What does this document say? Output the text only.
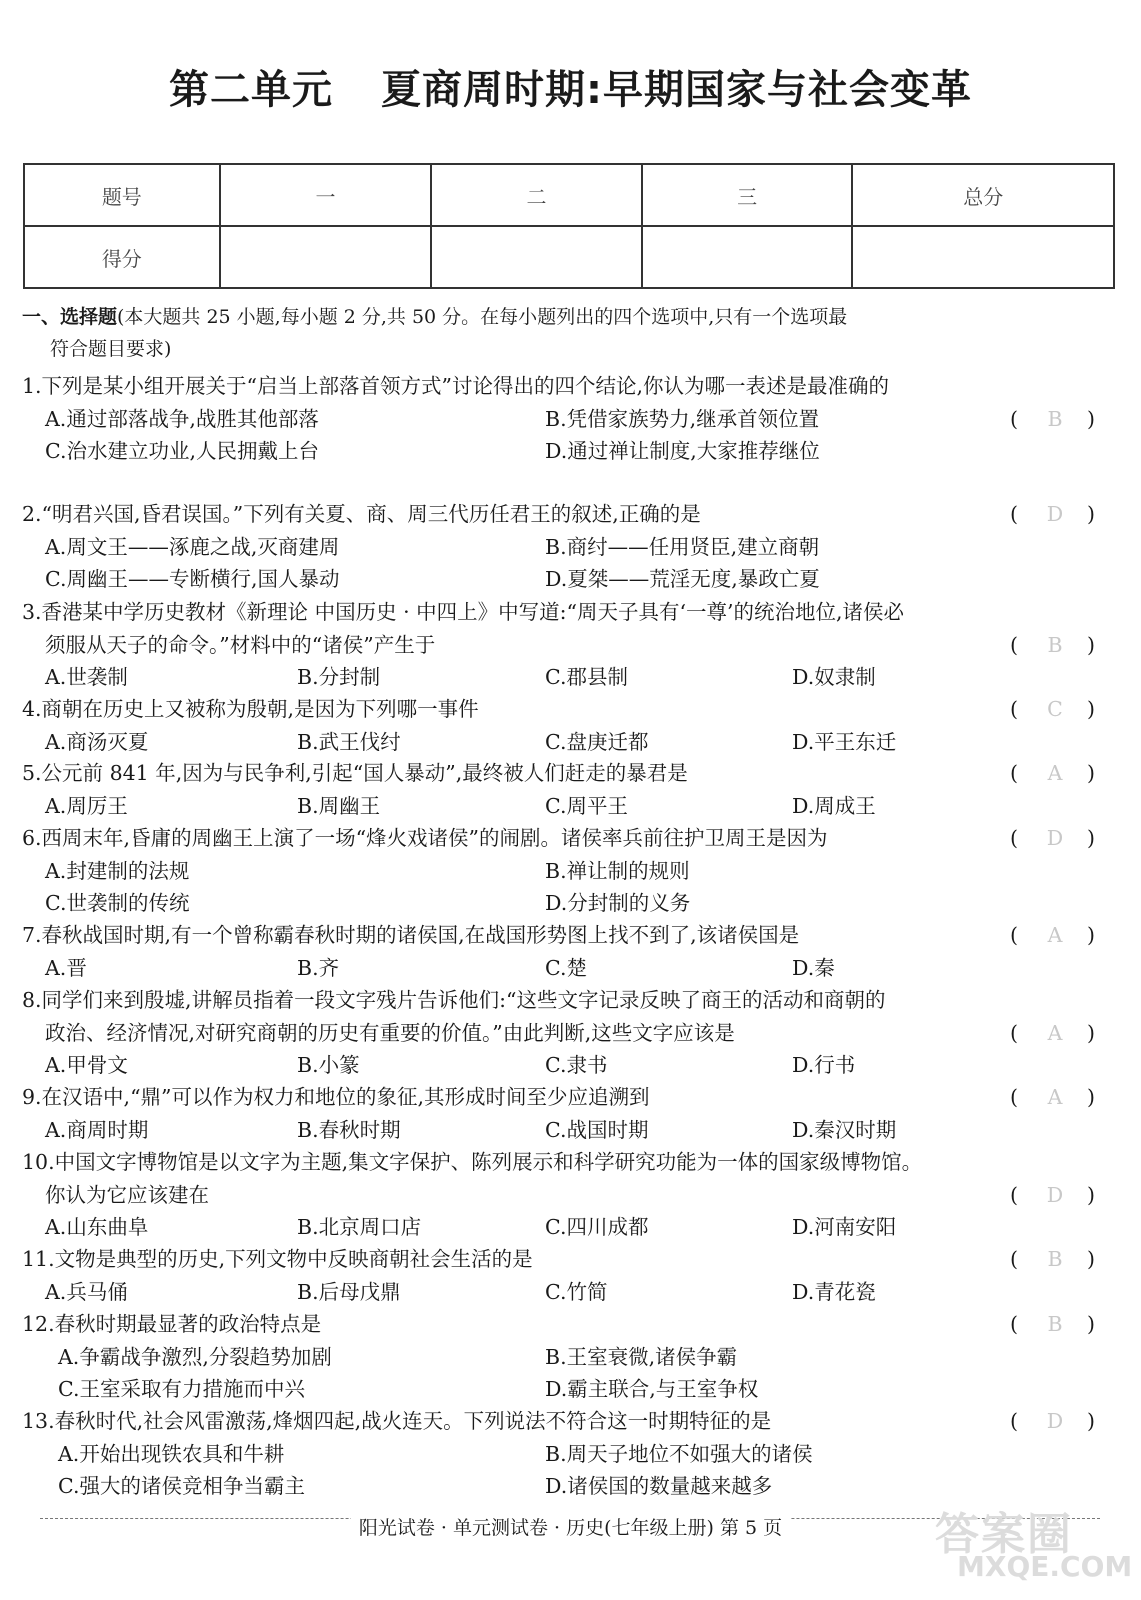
第二单元 夏商周时期:早期国家与社会变革
题号	一	二	三	总分
得分				
一、选择题(本大题共 25 小题,每小题 2 分,共 50 分。在每小题列出的四个选项中,只有一个选项最
符合题目要求)
1.下列是某小组开展关于“启当上部落首领方式”讨论得出的四个结论,你认为哪一表述是最准确的
(	B	)
A.通过部落战争,战胜其他部落	B.凭借家族势力,继承首领位置
C.治水建立功业,人民拥戴上台	D.通过禅让制度,大家推荐继位
2.“明君兴国,昏君误国。”下列有关夏、商、周三代历任君王的叙述,正确的是	(	D	)
A.周文王——涿鹿之战,灭商建周	B.商纣——任用贤臣,建立商朝
C.周幽王——专断横行,国人暴动	D.夏桀——荒淫无度,暴政亡夏
3.香港某中学历史教材《新理论 中国历史 · 中四上》中写道:“周天子具有‘一尊’的统治地位,诸侯必
须服从天子的命令。”材料中的“诸侯”产生于	(	B	)
A.世袭制	B.分封制	C.郡县制	D.奴隶制
4.商朝在历史上又被称为殷朝,是因为下列哪一事件	(	C	)
A.商汤灭夏	B.武王伐纣	C.盘庚迁都	D.平王东迁
5.公元前 841 年,因为与民争利,引起“国人暴动”,最终被人们赶走的暴君是	(	A	)
A.周厉王	B.周幽王	C.周平王	D.周成王
6.西周末年,昏庸的周幽王上演了一场“烽火戏诸侯”的闹剧。诸侯率兵前往护卫周王是因为	(	D	)
A.封建制的法规	B.禅让制的规则
C.世袭制的传统	D.分封制的义务
7.春秋战国时期,有一个曾称霸春秋时期的诸侯国,在战国形势图上找不到了,该诸侯国是	(	A	)
A.晋	B.齐	C.楚	D.秦
8.同学们来到殷墟,讲解员指着一段文字残片告诉他们:“这些文字记录反映了商王的活动和商朝的
政治、经济情况,对研究商朝的历史有重要的价值。”由此判断,这些文字应该是	(	A	)
A.甲骨文	B.小篆	C.隶书	D.行书
9.在汉语中,“鼎”可以作为权力和地位的象征,其形成时间至少应追溯到	(	A	)
A.商周时期	B.春秋时期	C.战国时期	D.秦汉时期
10.中国文字博物馆是以文字为主题,集文字保护、陈列展示和科学研究功能为一体的国家级博物馆。
你认为它应该建在	(	D	)
A.山东曲阜	B.北京周口店	C.四川成都	D.河南安阳
11.文物是典型的历史,下列文物中反映商朝社会生活的是	(	B	)
A.兵马俑	B.后母戊鼎	C.竹简	D.青花瓷
12.春秋时期最显著的政治特点是	(	B	)
A.争霸战争激烈,分裂趋势加剧	B.王室衰微,诸侯争霸
C.王室采取有力措施而中兴	D.霸主联合,与王室争权
13.春秋时代,社会风雷激荡,烽烟四起,战火连天。下列说法不符合这一时期特征的是	(	D	)
A.开始出现铁农具和牛耕	B.周天子地位不如强大的诸侯
C.强大的诸侯竞相争当霸主	D.诸侯国的数量越来越多
阳光试卷 · 单元测试卷 · 历史(七年级上册) 第 5 页	答案圈
MXQE.COM
